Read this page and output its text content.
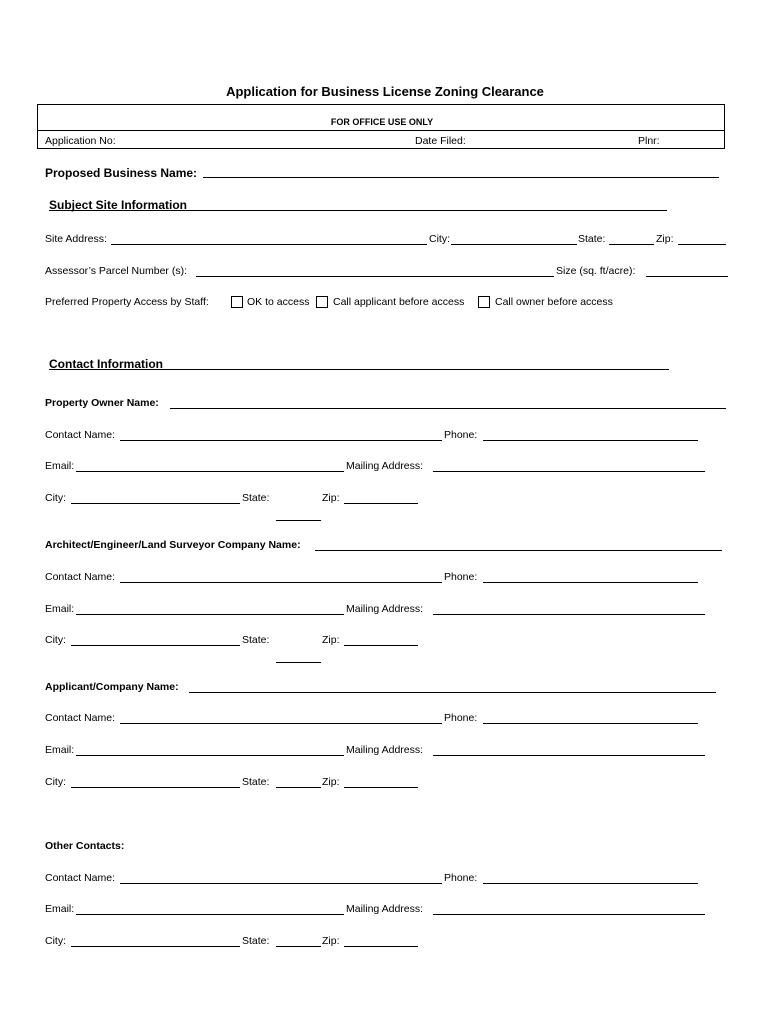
Application for Business License Zoning Clearance
FOR OFFICE USE ONLY
Application No:	Date Filed:	Plnr:
Proposed Business Name:
Subject Site Information
Site Address:	City:	State:	Zip:
Assessor’s Parcel Number (s):	Size (sq. ft/acre):
Preferred Property Access by Staff:	OK to access Call applicant before access	Call owner before access
Contact Information
Property Owner Name:
Contact Name:	Phone:
Email:	Mailing Address:
City:	State:	Zip:
Architect/Engineer/Land Surveyor Company Name:
Contact Name:	Phone:
Email:	Mailing Address:
City:	State:	Zip:
Applicant/Company Name:
Contact Name:	Phone:
Email:	Mailing Address:
City:	State:	Zip:
Other Contacts:
Contact Name:	Phone:
Email:	Mailing Address:
City:	State:	Zip:
